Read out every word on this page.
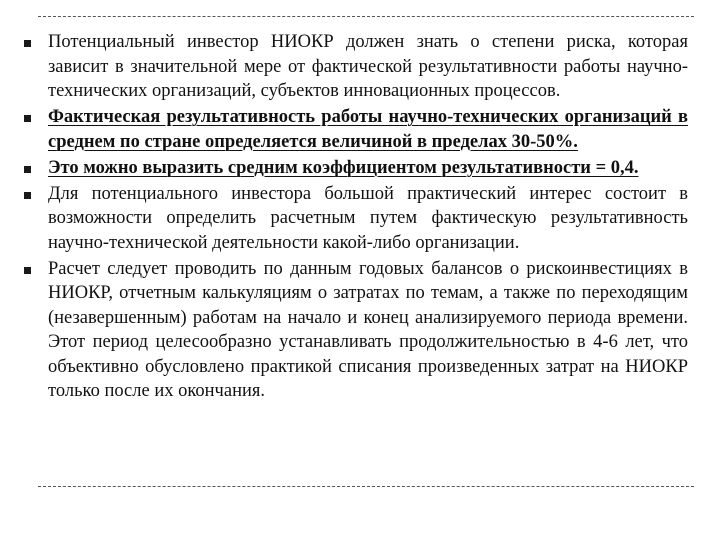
Потенциальный инвестор НИОКР должен знать о степени риска, которая зависит в значительной мере от фактической результативности работы научно-технических организаций, субъектов инновационных процессов.
Фактическая результативность работы научно-технических организаций в среднем по стране определяется величиной в пределах 30-50%.
Это можно выразить средним коэффициентом результативности = 0,4.
Для потенциального инвестора большой практический интерес состоит в возможности определить расчетным путем фактическую результативность научно-технической деятельности какой-либо организации.
Расчет следует проводить по данным годовых балансов о рискоинвестициях в НИОКР, отчетным калькуляциям о затратах по темам, а также по переходящим (незавершенным) работам на начало и конец анализируемого периода времени. Этот период целесообразно устанавливать продолжительностью в 4-6 лет, что объективно обусловлено практикой списания произведенных затрат на НИОКР только после их окончания.
